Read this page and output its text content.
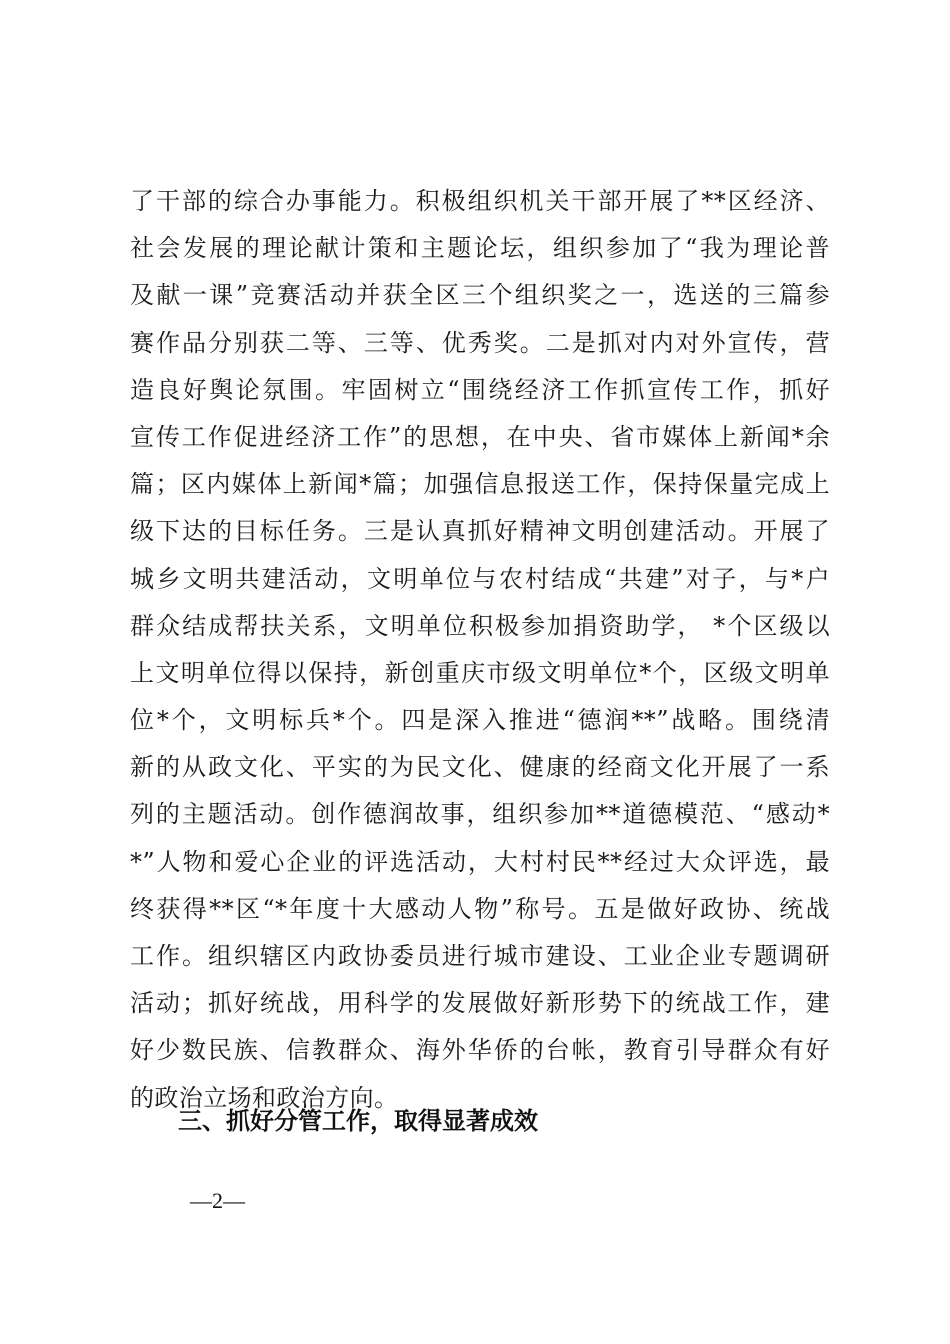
了干部的综合办事能力。积极组织机关干部开展了**区经济、
社会发展的理论献计策和主题论坛，组织参加了“我为理论普
及献一课”竞赛活动并获全区三个组织奖之一，选送的三篇参
赛作品分别获二等、三等、优秀奖。二是抓对内对外宣传，营
造良好舆论氛围。牢固树立“围绕经济工作抓宣传工作，抓好
宣传工作促进经济工作”的思想，在中央、省市媒体上新闻*余
篇；区内媒体上新闻*篇；加强信息报送工作，保持保量完成上
级下达的目标任务。三是认真抓好精神文明创建活动。开展了
城乡文明共建活动，文明单位与农村结成“共建”对子，与*户
群众结成帮扶关系，文明单位积极参加捐资助学， *个区级以
上文明单位得以保持，新创重庆市级文明单位*个，区级文明单
位*个，文明标兵*个。四是深入推进“德润**”战略。围绕清
新的从政文化、平实的为民文化、健康的经商文化开展了一系
列的主题活动。创作德润故事，组织参加**道德模范、“感动*
*”人物和爱心企业的评选活动，大村村民**经过大众评选，最
终获得**区“*年度十大感动人物”称号。五是做好政协、统战
工作。组织辖区内政协委员进行城市建设、工业企业专题调研
活动；抓好统战，用科学的发展做好新形势下的统战工作，建
好少数民族、信教群众、海外华侨的台帐，教育引导群众有好
的政治立场和政治方向。
三、抓好分管工作，取得显著成效
—2—
